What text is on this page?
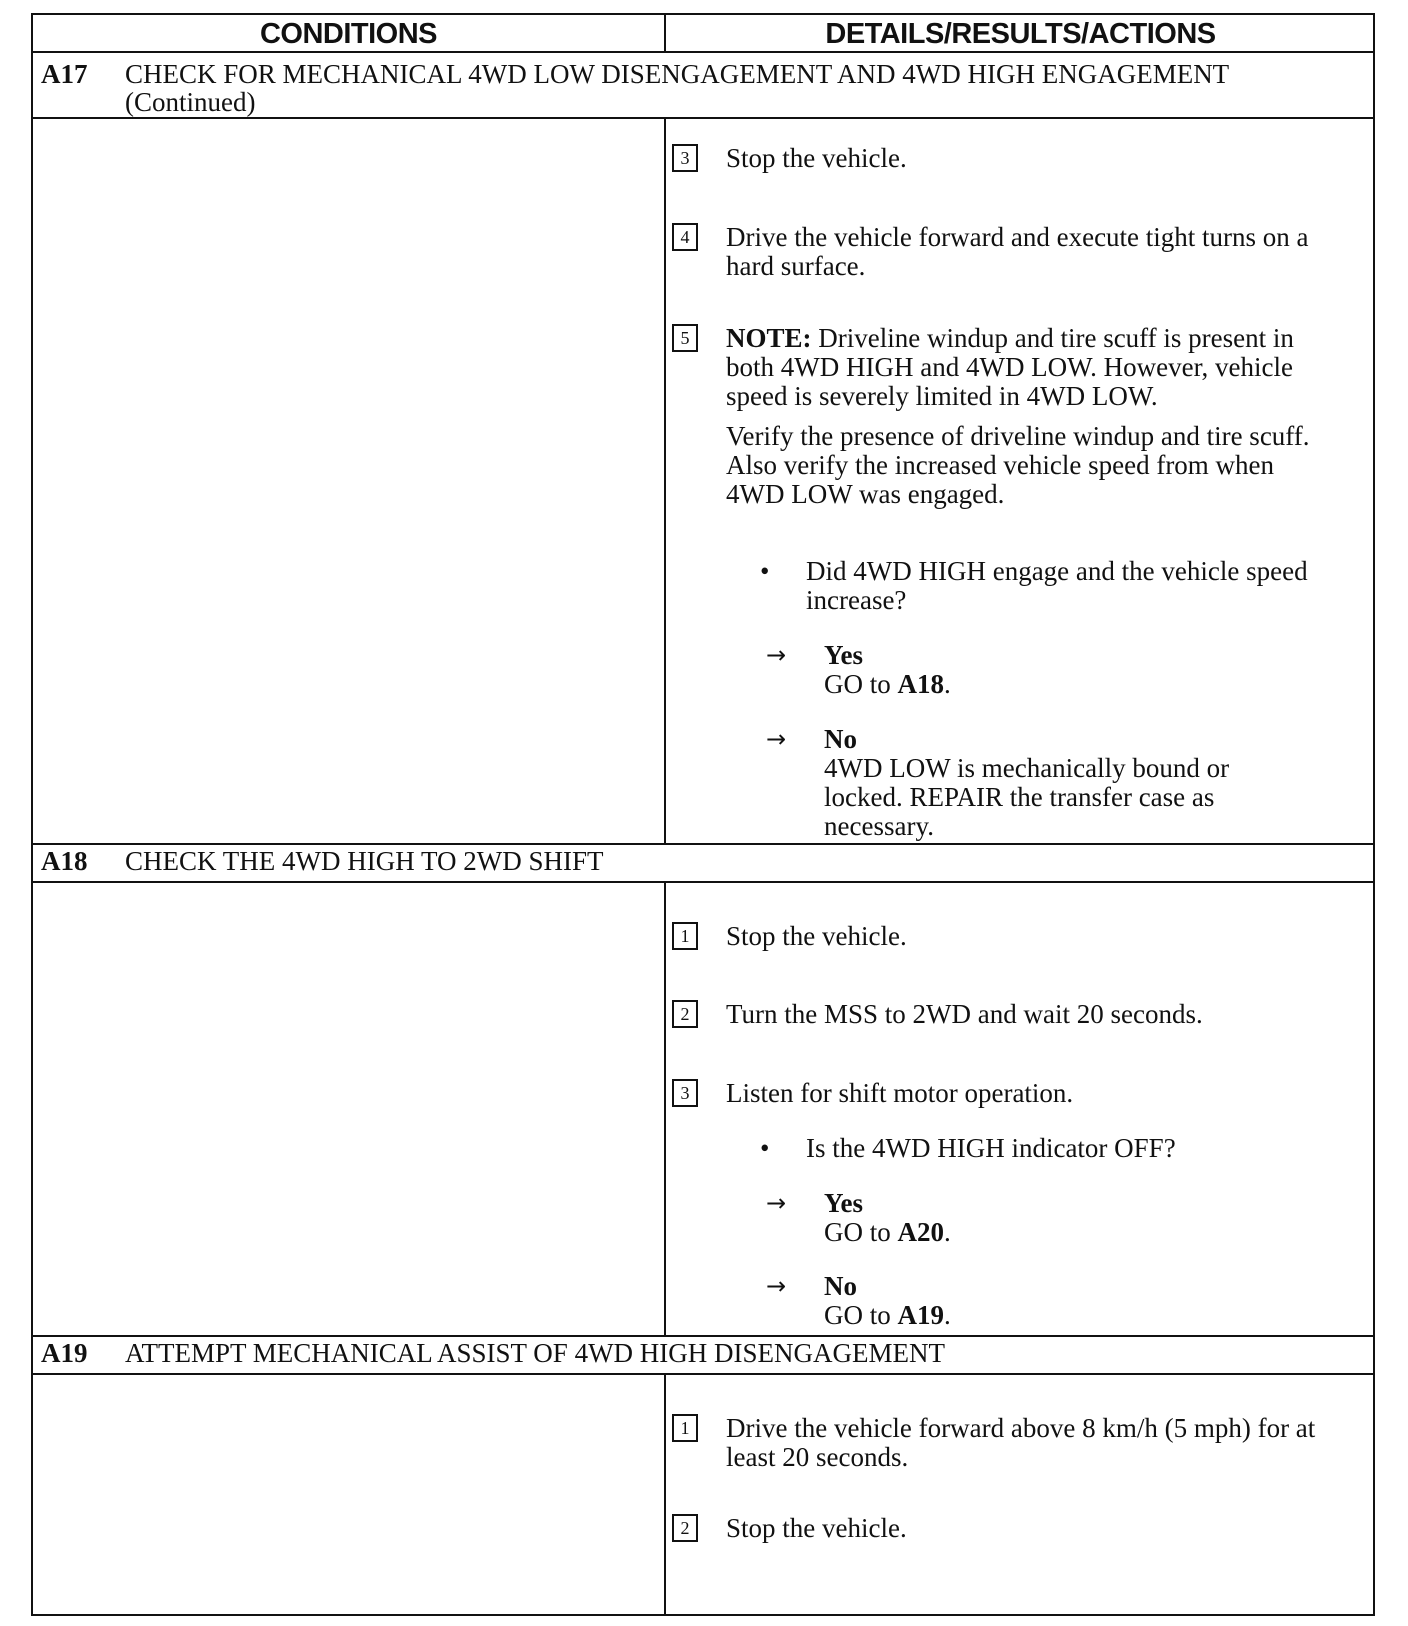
CONDITIONS	DETAILS/RESULTS/ACTIONS
A17 CHECK FOR MECHANICAL 4WD LOW DISENGAGEMENT AND 4WD HIGH ENGAGEMENT (Continued)
3	Stop the vehicle.
4	Drive the vehicle forward and execute tight turns on a hard surface.
5	NOTE: Driveline windup and tire scuff is present in both 4WD HIGH and 4WD LOW. However, vehicle speed is severely limited in 4WD LOW.

Verify the presence of driveline windup and tire scuff. Also verify the increased vehicle speed from when 4WD LOW was engaged.

• Did 4WD HIGH engage and the vehicle speed increase?
→ Yes
GO to A18.
→ No
4WD LOW is mechanically bound or locked. REPAIR the transfer case as necessary.
A18 CHECK THE 4WD HIGH TO 2WD SHIFT
1	Stop the vehicle.
2	Turn the MSS to 2WD and wait 20 seconds.
3	Listen for shift motor operation.
• Is the 4WD HIGH indicator OFF?
→ Yes
GO to A20.
→ No
GO to A19.
A19 ATTEMPT MECHANICAL ASSIST OF 4WD HIGH DISENGAGEMENT
1	Drive the vehicle forward above 8 km/h (5 mph) for at least 20 seconds.
2	Stop the vehicle.
